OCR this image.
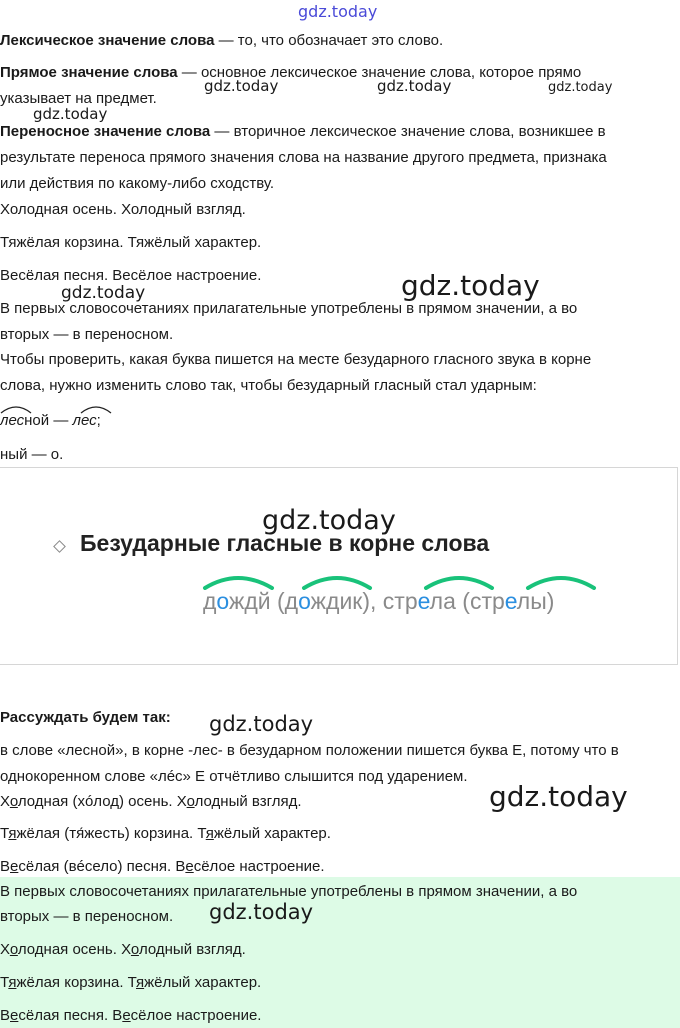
gdz.today
Лексическое значение слова — то, что обозначает это слово.
Прямое значение слова — основное лексическое значение слова, которое прямо
указывает на предмет.
gdz.today	gdz.today	gdz.today
gdz.today
Переносное значение слова — вторичное лексическое значение слова, возникшее в
результате переноса прямого значения слова на название другого предмета, признака
или действия по какому-либо сходству.
Холодная осень. Холодный взгляд.
Тяжёлая корзина. Тяжёлый характер.
Весёлая песня. Весёлое настроение.
gdz.today	gdz.today
В первых словосочетаниях прилагательные употреблены в прямом значении, а во
вторых — в переносном.
Чтобы проверить, какая буква пишется на месте безударного гласного звука в корне
слова, нужно изменить слово так, чтобы безударный гласный стал ударным:
лесной — лес;
ный — о.
gdz.today
Безударные гласные в корне слова
дождй (дождик), стрела (стрелы)
Рассуждать будем так: gdz.today
в слове «лесной», в корне -лес- в безударном положении пишется буква Е, потому что в
однокоренном слове «лéс» Е отчётливо слышится под ударением.
gdz.today
Холодная (хóлод) осень. Холодный взгляд.
Тяжёлая (тя́жесть) корзина. Тяжёлый характер.
Весёлая (вéсело) песня. Весёлое настроение.
В первых словосочетаниях прилагательные употреблены в прямом значении, а во
вторых — в переносном. gdz.today
Холодная осень. Холодный взгляд.
Тяжёлая корзина. Тяжёлый характер.
Весёлая песня. Весёлое настроение.
